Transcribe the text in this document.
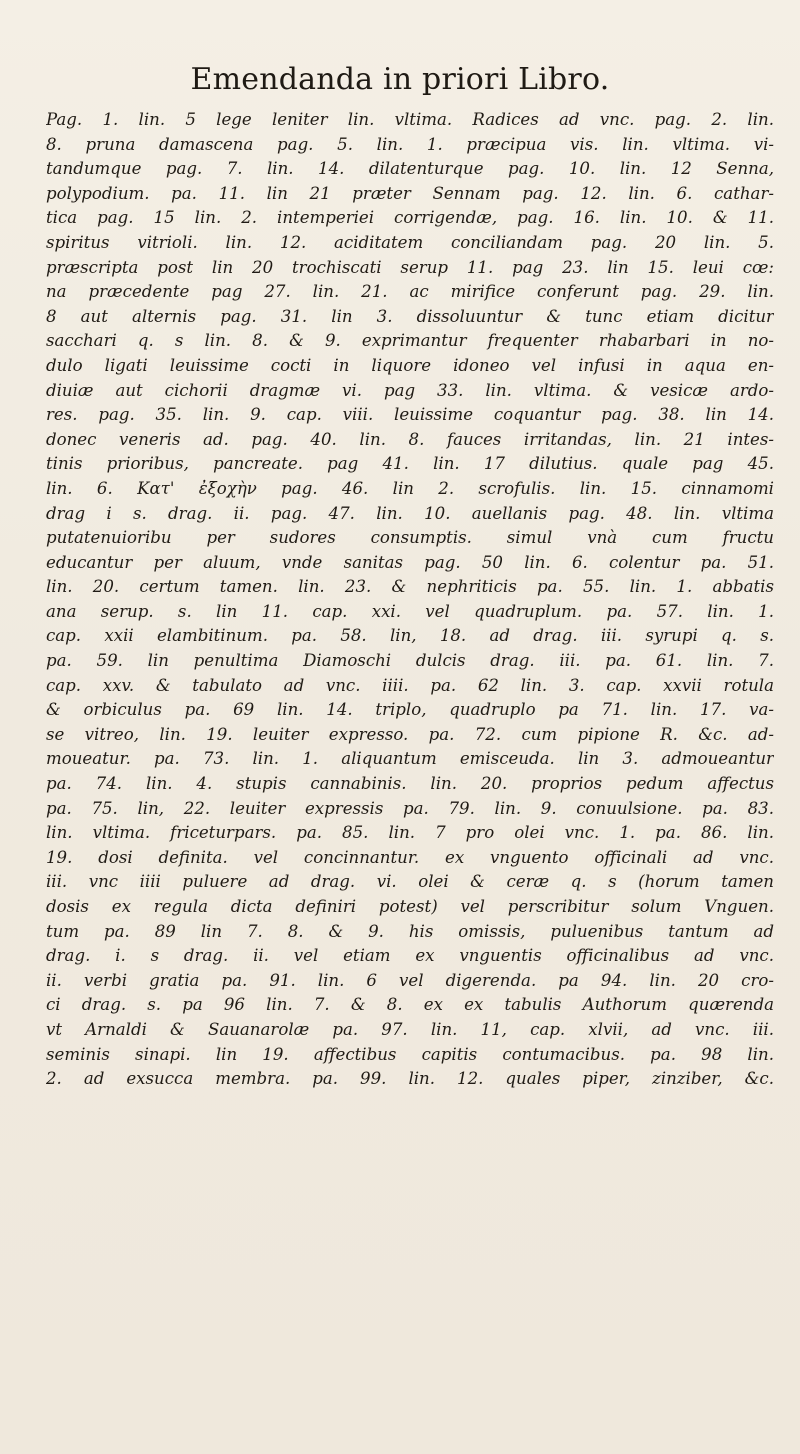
Emendanda in priori Libro.
Pag. 1. lin. 5 lege leniter lin. vltima. Radices ad vnc. pag. 2. lin.
8. pruna damascena pag. 5. lin. 1. præcipua vis. lin. vltima. vi-
tandumque pag. 7. lin. 14. dilatenturque pag. 10. lin. 12 Senna,
polypodium. pa. 11. lin 21 præter Sennam pag. 12. lin. 6. cathar-
tica pag. 15 lin. 2. intemperiei corrigendæ, pag. 16. lin. 10. & 11.
spiritus vitrioli. lin. 12. aciditatem conciliandam pag. 20 lin. 5.
præscripta post lin 20 trochiscati serup 11. pag 23. lin 15. leui cœ:
na præcedente pag 27. lin. 21. ac mirifice conferunt pag. 29. lin.
8 aut alternis pag. 31. lin 3. dissoluuntur & tunc etiam dicitur
sacchari q. s lin. 8. & 9. exprimantur frequenter rhabarbari in no-
dulo ligati leuissime cocti in liquore idoneo vel infusi in aqua en-
diuiæ aut cichorii dragmæ vi. pag 33. lin. vltima. & vesicæ ardo-
res. pag. 35. lin. 9. cap. viii. leuissime coquantur pag. 38. lin 14.
donec veneris ad. pag. 40. lin. 8. fauces irritandas, lin. 21 intes-
tinis prioribus, pancreate. pag 41. lin. 17 dilutius. quale pag 45.
lin. 6. Κατ' ἐξοχὴν pag. 46. lin 2. scrofulis. lin. 15. cinnamomi
drag i s. drag. ii. pag. 47. lin. 10. auellanis pag. 48. lin. vltima
putatenuioribu per sudores consumptis. simul vnà cum fructu
educantur per aluum, vnde sanitas pag. 50 lin. 6. colentur pa. 51.
lin. 20. certum tamen. lin. 23. & nephriticis pa. 55. lin. 1. abbatis
ana serup. s. lin 11. cap. xxi. vel quadruplum. pa. 57. lin. 1.
cap. xxii elambitinum. pa. 58. lin, 18. ad drag. iii. syrupi q. s.
pa. 59. lin penultima Diamoschi dulcis drag. iii. pa. 61. lin. 7.
cap. xxv. & tabulato ad vnc. iiii. pa. 62 lin. 3. cap. xxvii rotula
& orbiculus pa. 69 lin. 14. triplo, quadruplo pa 71. lin. 17. va-
se vitreo, lin. 19. leuiter expresso. pa. 72. cum pipione R. &c. ad-
moueatur. pa. 73. lin. 1. aliquantum emisceuda. lin 3. admoueantur
pa. 74. lin. 4. stupis cannabinis. lin. 20. proprios pedum affectus
pa. 75. lin, 22. leuiter expressis pa. 79. lin. 9. conuulsione. pa. 83.
lin. vltima. friceturpars. pa. 85. lin. 7 pro olei vnc. 1. pa. 86. lin.
19. dosi definita. vel concinnantur. ex vnguento officinali ad vnc.
iii. vnc iiii puluere ad drag. vi. olei & ceræ q. s (horum tamen
dosis ex regula dicta definiri potest) vel perscribitur solum Vnguen.
tum pa. 89 lin 7. 8. & 9. his omissis, puluenibus tantum ad
drag. i. s drag. ii. vel etiam ex vnguentis officinalibus ad vnc.
ii. verbi gratia pa. 91. lin. 6 vel digerenda. pa 94. lin. 20 cro-
ci drag. s. pa 96 lin. 7. & 8. ex ex tabulis Authorum quærenda
vt Arnaldi & Sauanarolæ pa. 97. lin. 11, cap. xlvii, ad vnc. iii.
seminis sinapi. lin 19. affectibus capitis contumacibus. pa. 98 lin.
2. ad exsucca membra. pa. 99. lin. 12. quales piper, zinziber, &c.
